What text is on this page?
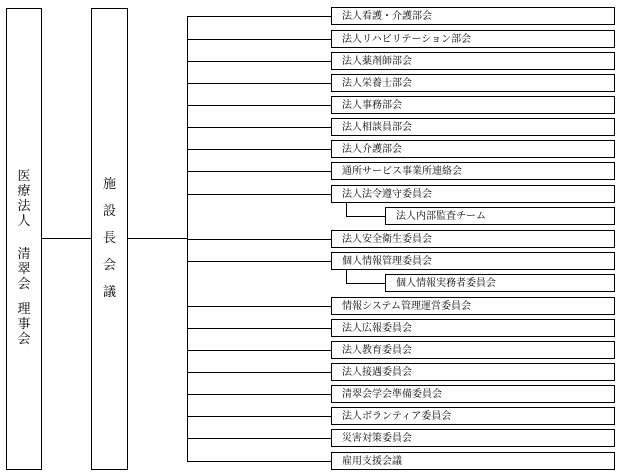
医
療
法
人
清
翠
会
理
事
会
施
設
長
会
議
法人看護・介護部会
法人リハビリテーション部会
法人薬剤師部会
法人栄養士部会
法人事務部会
法人相談員部会
法人介護部会
通所サービス事業所連絡会
法人法令遵守委員会
法人内部監査チーム
法人安全衛生委員会
個人情報管理委員会
個人情報実務者委員会
情報システム管理運営委員会
法人広報委員会
法人教育委員会
法人接遇委員会
清翠会学会準備委員会
法人ボランティア委員会
災害対策委員会
雇用支援会議
